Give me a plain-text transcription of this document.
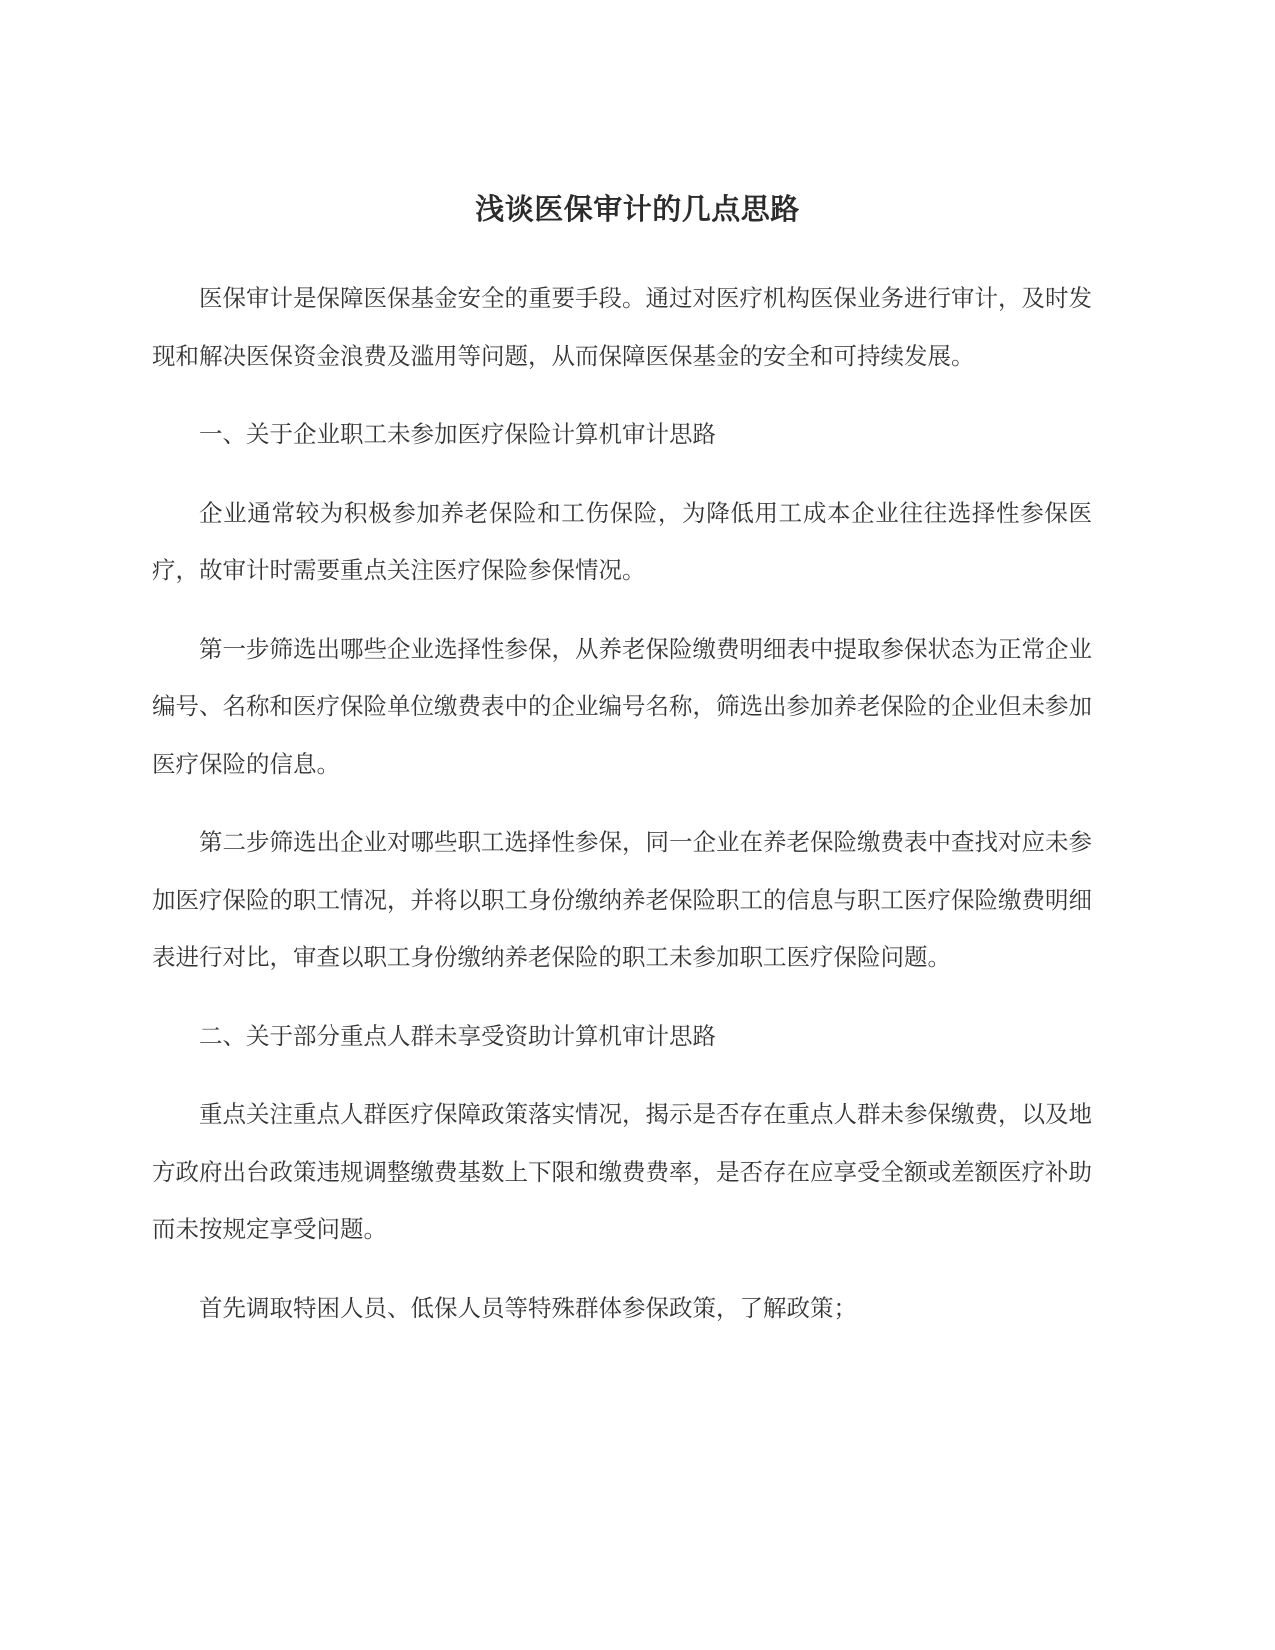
浅谈医保审计的几点思路

医保审计是保障医保基金安全的重要手段。通过对医疗机构医保业务进行审计，及时发现和解决医保资金浪费及滥用等问题，从而保障医保基金的安全和可持续发展。

一、关于企业职工未参加医疗保险计算机审计思路

企业通常较为积极参加养老保险和工伤保险，为降低用工成本企业往往选择性参保医疗，故审计时需要重点关注医疗保险参保情况。

第一步筛选出哪些企业选择性参保，从养老保险缴费明细表中提取参保状态为正常企业编号、名称和医疗保险单位缴费表中的企业编号名称，筛选出参加养老保险的企业但未参加医疗保险的信息。

第二步筛选出企业对哪些职工选择性参保，同一企业在养老保险缴费表中查找对应未参加医疗保险的职工情况，并将以职工身份缴纳养老保险职工的信息与职工医疗保险缴费明细表进行对比，审查以职工身份缴纳养老保险的职工未参加职工医疗保险问题。

二、关于部分重点人群未享受资助计算机审计思路

重点关注重点人群医疗保障政策落实情况，揭示是否存在重点人群未参保缴费，以及地方政府出台政策违规调整缴费基数上下限和缴费费率，是否存在应享受全额或差额医疗补助而未按规定享受问题。

首先调取特困人员、低保人员等特殊群体参保政策，了解政策；
